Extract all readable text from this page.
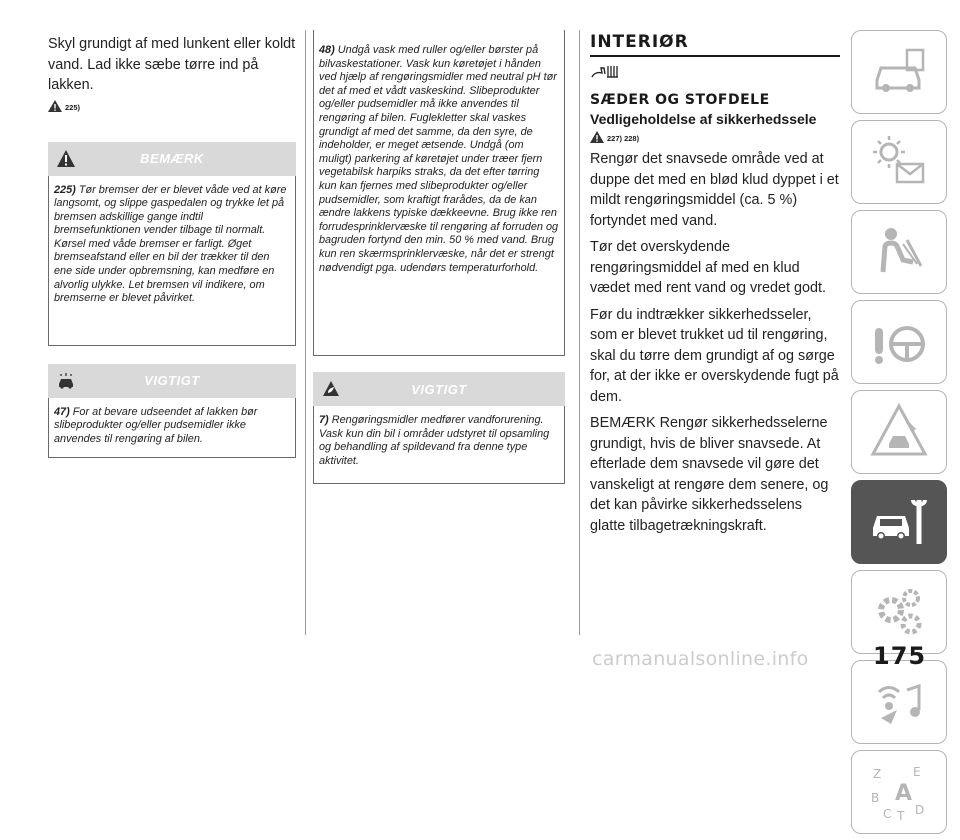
Skyl grundigt af med lunkent eller koldt vand. Lad ikke sæbe tørre ind på lakken.

225)
BEMÆRK
225) Tør bremser der er blevet våde ved at køre langsomt, og slippe gaspedalen og trykke let på bremsen adskillige gange indtil bremsefunktionen vender tilbage til normalt. Kørsel med våde bremser er farligt. Øget bremseafstand eller en bil der trækker til den ene side under opbremsning, kan medføre en alvorlig ulykke. Let bremsen vil indikere, om bremserne er blevet påvirket.
VIGTIGT
47) For at bevare udseendet af lakken bør slibeprodukter og/eller pudsemidler ikke anvendes til rengøring af bilen.
48) Undgå vask med ruller og/eller børster på bilvaskestationer. Vask kun køretøjet i hånden ved hjælp af rengøringsmidler med neutral pH tør det af med et vådt vaskeskind. Slibeprodukter og/eller pudsemidler må ikke anvendes til rengøring af bilen. Fuglekletter skal vaskes grundigt af med det samme, da den syre, de indeholder, er meget ætsende. Undgå (om muligt) parkering af køretøjet under træer fjern vegetabilsk harpiks straks, da det efter tørring kun kan fjernes med slibeprodukter og/eller pudsemidler, som kraftigt frarådes, da de kan ændre lakkens typiske dækkeevne. Brug ikke ren forrudesprinklervæske til rengøring af forruden og bagruden fortynd den min. 50 % med vand. Brug kun ren skærmsprinklervæske, når det er strengt nødvendigt pga. udendørs temperaturforhold.
VIGTIGT
7) Rengøringsmidler medfører vandforurening. Vask kun din bil i områder udstyret til opsamling og behandling af spildevand fra denne type aktivitet.
INTERIØR
SÆDER OG STOFDELE
Vedligeholdelse af sikkerhedssele
227) 228)

Rengør det snavsede område ved at duppe det med en blød klud dyppet i et mildt rengøringsmiddel (ca. 5 %) fortyndet med vand.

Tør det overskydende rengøringsmiddel af med en klud vædet med rent vand og vredet godt.

Før du indtrækker sikkerhedsseler, som er blevet trukket ud til rengøring, skal du tørre dem grundigt af og sørge for, at der ikke er overskydende fugt på dem.

BEMÆRK Rengør sikkerhedsselerne grundigt, hvis de bliver snavsede. At efterlade dem snavsede vil gøre det vanskeligt at rengøre dem senere, og det kan påvirke sikkerhedsselens glatte tilbagetrækningskraft.

Z	E
B A
C T D
175
carmanualsonline.info
